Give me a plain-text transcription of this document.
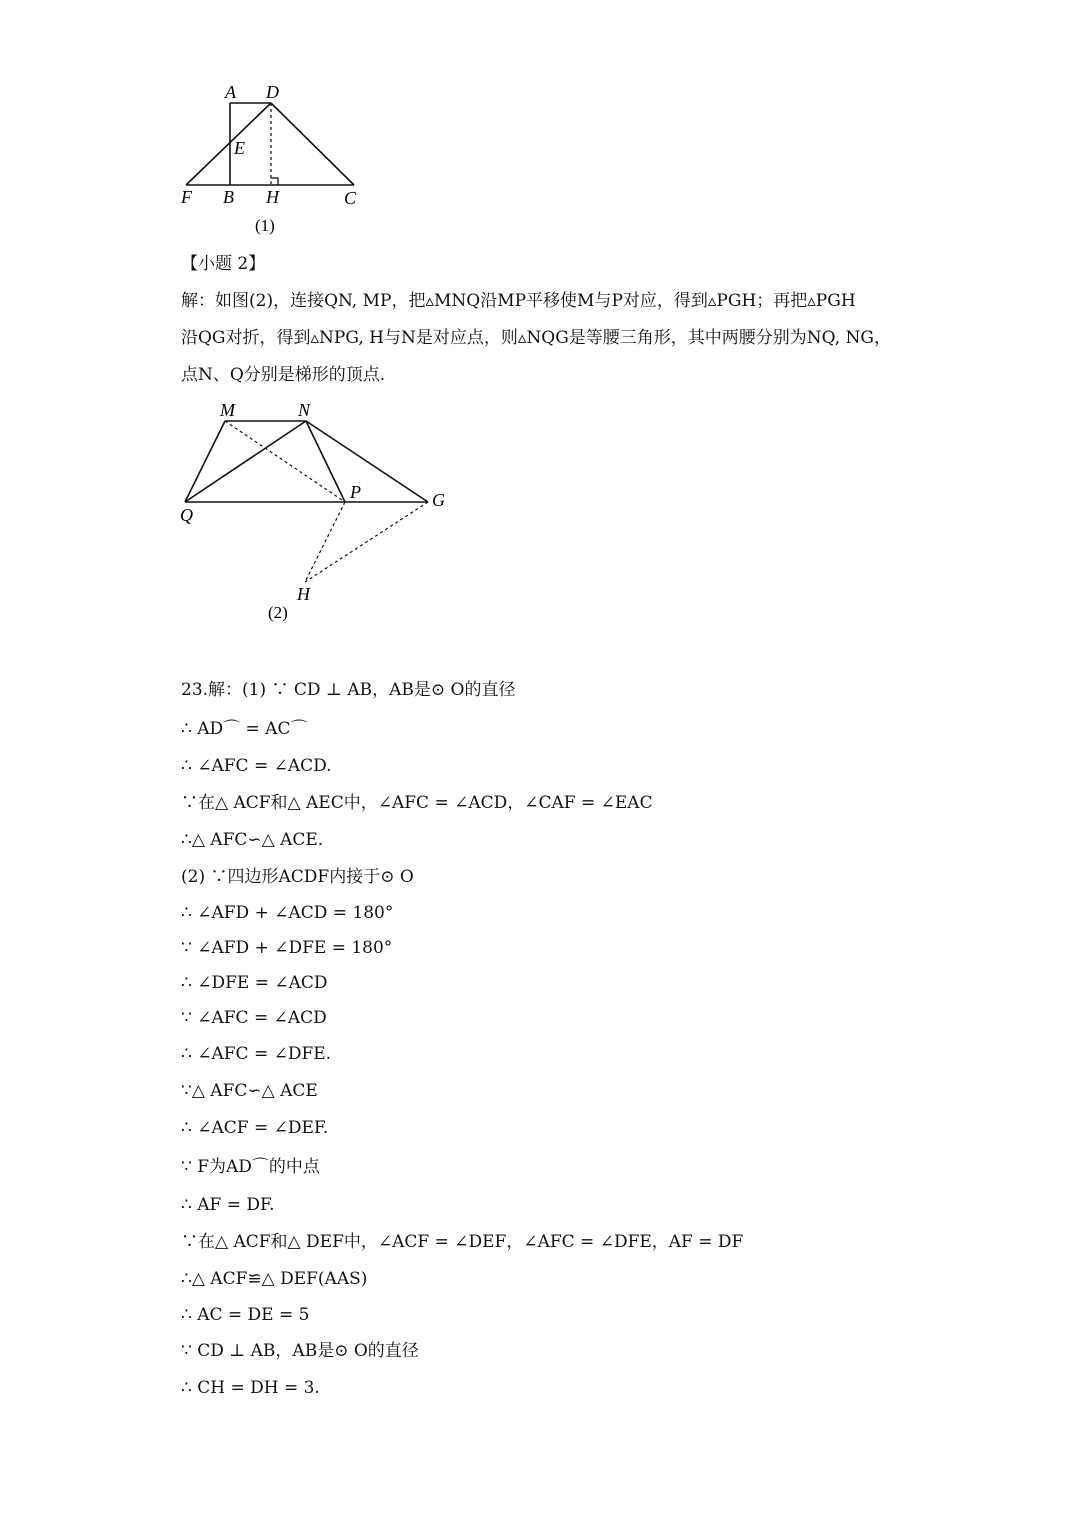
A D
E
F B H	C
(1)
【小题 2】
解：如图(2)，连接QN, MP，把▵MNQ沿MP平移使M与P对应，得到▵PGH；再把▵PGH
沿QG对折，得到▵NPG, H与N是对应点，则▵NQG是等腰三角形，其中两腰分别为NQ, NG，
点N、Q分别是梯形的顶点.
M	N
Q
P	G
H
(2)
23.解：(1) ∵ CD ⊥ AB，AB是⊙ O的直径
∴ AD⌒ = AC⌒
∴ ∠AFC = ∠ACD.
∵在△ ACF和△ AEC中，∠AFC = ∠ACD，∠CAF = ∠EAC
∴△ AFC∽△ ACE.
(2) ∵四边形ACDF内接于⊙ O
∴ ∠AFD + ∠ACD = 180°
∵ ∠AFD + ∠DFE = 180°
∴ ∠DFE = ∠ACD
∵ ∠AFC = ∠ACD
∴ ∠AFC = ∠DFE.
∵△ AFC∽△ ACE
∴ ∠ACF = ∠DEF.
∵ F为AD⌒的中点
∴ AF = DF.
∵在△ ACF和△ DEF中，∠ACF = ∠DEF，∠AFC = ∠DFE，AF = DF
∴△ ACF≌△ DEF(AAS)
∴ AC = DE = 5
∵ CD ⊥ AB，AB是⊙ O的直径
∴ CH = DH = 3.
